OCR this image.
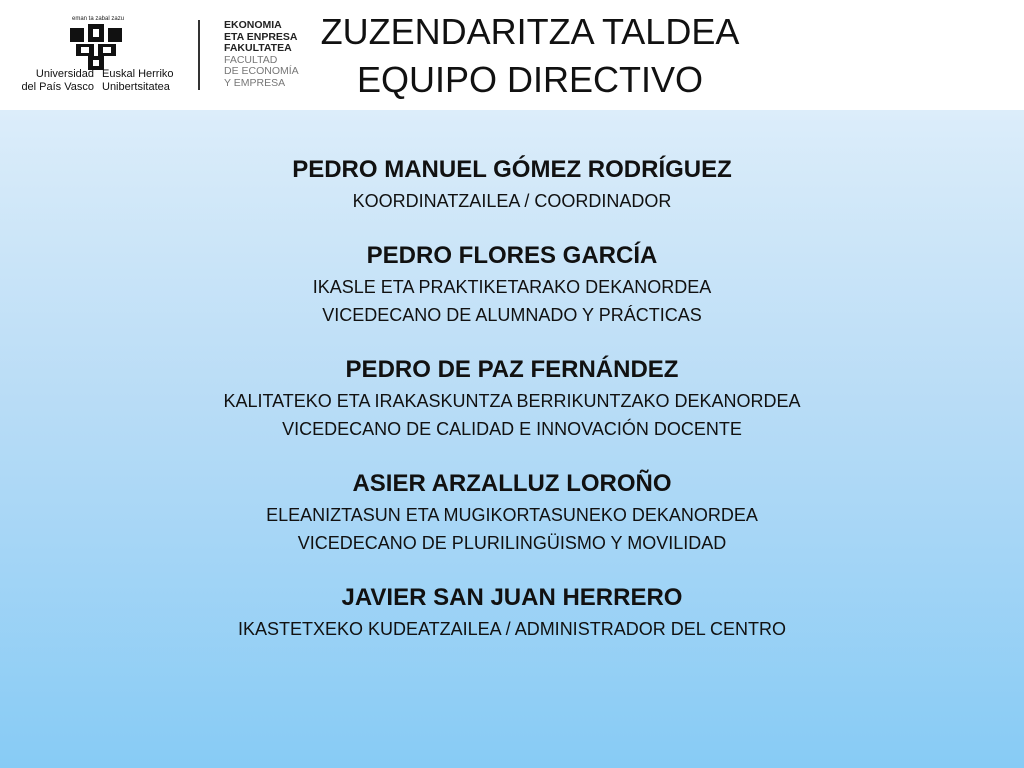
eman ta zabal zazu
Universidad
del País Vasco
Euskal Herriko
Unibertsitatea
EKONOMIA
ETA ENPRESA
FAKULTATEA
FACULTAD
DE ECONOMÍA
Y EMPRESA
ZUZENDARITZA TALDEA
EQUIPO DIRECTIVO
PEDRO MANUEL GÓMEZ RODRÍGUEZ
KOORDINATZAILEA / COORDINADOR
PEDRO FLORES GARCÍA
IKASLE ETA PRAKTIKETARAKO DEKANORDEA
VICEDECANO DE ALUMNADO Y PRÁCTICAS
PEDRO DE PAZ FERNÁNDEZ
KALITATEKO ETA IRAKASKUNTZA BERRIKUNTZAKO DEKANORDEA
VICEDECANO DE CALIDAD E INNOVACIÓN DOCENTE
ASIER ARZALLUZ LOROÑO
ELEANIZTASUN ETA MUGIKORTASUNEKO DEKANORDEA
VICEDECANO DE PLURILINGÜISMO Y MOVILIDAD
JAVIER SAN JUAN HERRERO
IKASTETXEKO KUDEATZAILEA / ADMINISTRADOR DEL CENTRO
